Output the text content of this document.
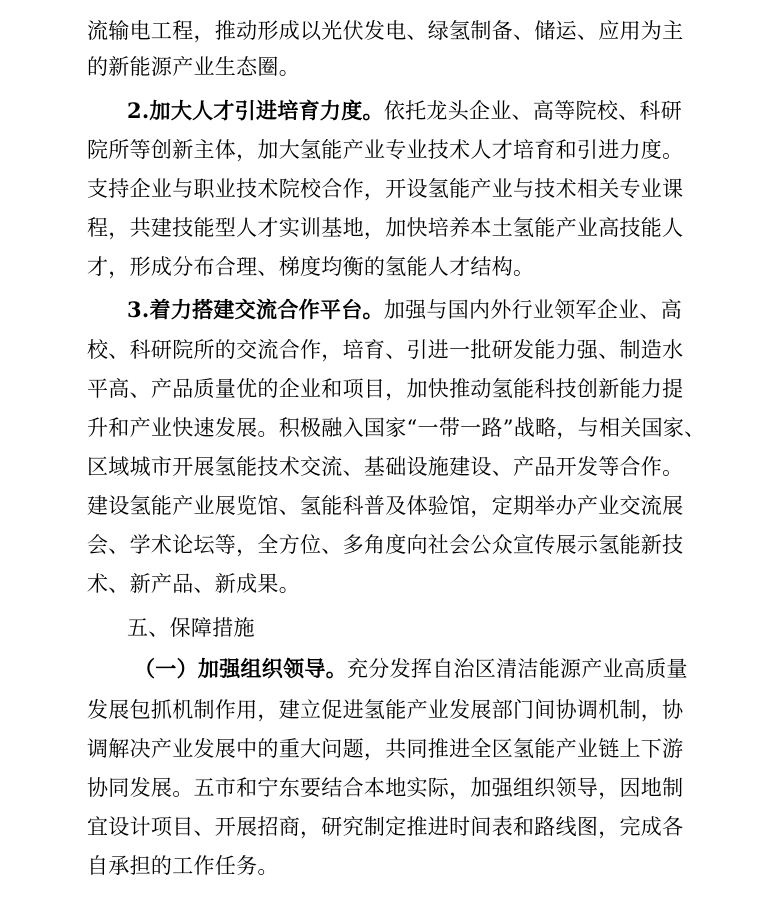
流输电工程，推动形成以光伏发电、绿氢制备、储运、应用为主
的新能源产业生态圈。
2.加大人才引进培育力度。依托龙头企业、高等院校、科研
院所等创新主体，加大氢能产业专业技术人才培育和引进力度。
支持企业与职业技术院校合作，开设氢能产业与技术相关专业课
程，共建技能型人才实训基地，加快培养本土氢能产业高技能人
才，形成分布合理、梯度均衡的氢能人才结构。
3.着力搭建交流合作平台。加强与国内外行业领军企业、高
校、科研院所的交流合作，培育、引进一批研发能力强、制造水
平高、产品质量优的企业和项目，加快推动氢能科技创新能力提
升和产业快速发展。积极融入国家“一带一路”战略，与相关国家、
区域城市开展氢能技术交流、基础设施建设、产品开发等合作。
建设氢能产业展览馆、氢能科普及体验馆，定期举办产业交流展
会、学术论坛等，全方位、多角度向社会公众宣传展示氢能新技
术、新产品、新成果。
五、保障措施
（一）加强组织领导。充分发挥自治区清洁能源产业高质量
发展包抓机制作用，建立促进氢能产业发展部门间协调机制，协
调解决产业发展中的重大问题，共同推进全区氢能产业链上下游
协同发展。五市和宁东要结合本地实际，加强组织领导，因地制
宜设计项目、开展招商，研究制定推进时间表和路线图，完成各
自承担的工作任务。
